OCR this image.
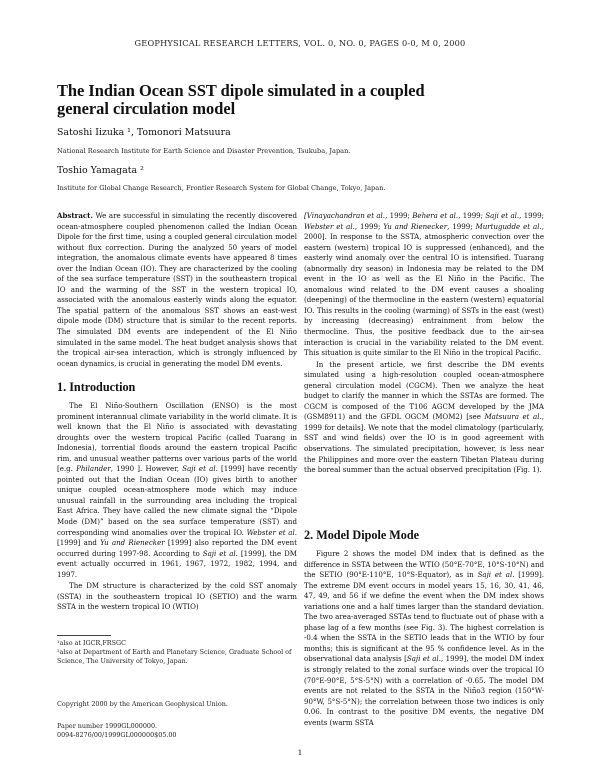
GEOPHYSICAL RESEARCH LETTERS, VOL. 0, NO. 0, PAGES 0-0, M 0, 2000
The Indian Ocean SST dipole simulated in a coupled general circulation model
Satoshi Iizuka ¹, Tomonori Matsuura
National Research Institute for Earth Science and Disaster Prevention, Tsukuba, Japan.
Toshio Yamagata ²
Institute for Global Change Research, Frontier Research System for Global Change, Tokyo, Japan.

Abstract. We are successful in simulating the recently discovered ocean-atmosphere coupled phenomenon called the Indian Ocean Dipole for the first time, using a coupled general circulation model without flux correction. During the analyzed 50 years of model integration, the anomalous climate events have appeared 8 times over the Indian Ocean (IO). They are characterized by the cooling of the sea surface temperature (SST) in the southeastern tropical IO and the warming of the SST in the western tropical IO, associated with the anomalous easterly winds along the equator. The spatial pattern of the anomalous SST shows an east-west dipole mode (DM) structure that is similar to the recent reports. The simulated DM events are independent of the El Niño simulated in the same model. The heat budget analysis shows that the tropical air-sea interaction, which is strongly influenced by ocean dynamics, is crucial in generating the model DM events.

1. Introduction

The El Niño-Southern Oscillation (ENSO) is the most prominent interannual climate variability in the world climate. It is well known that the El Niño is associated with devastating droughts over the western tropical Pacific (called Tuarang in Indonesia), torrential floods around the eastern tropical Pacific rim, and unusual weather patterns over various parts of the world [e.g. Philander, 1990 ]. However, Saji et al. [1999] have recently pointed out that the Indian Ocean (IO) gives birth to another unique coupled ocean-atmosphere mode which may induce unusual rainfall in the surrounding area including the tropical East Africa. They have called the new climate signal the “Dipole Mode (DM)” based on the sea surface temperature (SST) and corresponding wind anomalies over the tropical IO. Webster et al. [1999] and Yu and Rienecker [1999] also reported the DM event occurred during 1997-98. According to Saji et al. [1999], the DM event actually occurred in 1961, 1967, 1972, 1982, 1994, and 1997.

The DM structure is characterized by the cold SST anomaly (SSTA) in the southeastern tropical IO (SETIO) and the warm SSTA in the western tropical IO (WTIO)

¹also at IGCR,FRSGC
²also at Department of Earth and Planetary Science, Graduate School of Science, The University of Tokyo, Japan.
Copyright 2000 by the American Geophysical Union.
Paper number 1999GL000000.
0094-8276/00/1999GL000000$05.00

[Vinayachandran et al., 1999; Behera et al., 1999; Saji et al., 1999; Webster et al., 1999; Yu and Rienecker, 1999; Murtugudde et al., 2000]. In response to the SSTA, atmospheric convection over the eastern (western) tropical IO is suppressed (enhanced), and the easterly wind anomaly over the central IO is intensified. Tuarang (abnormally dry season) in Indonesia may be related to the DM event in the IO as well as the El Niño in the Pacific. The anomalous wind related to the DM event causes a shoaling (deepening) of the thermocline in the eastern (western) equatorial IO. This results in the cooling (warming) of SSTs in the east (west) by increasing (decreasing) entrainment from below the thermocline. Thus, the positive feedback due to the air-sea interaction is crucial in the variability related to the DM event. This situation is quite similar to the El Niño in the tropical Pacific.

In the present article, we first describe the DM events simulated using a high-resolution coupled ocean-atmosphere general circulation model (CGCM). Then we analyze the heat budget to clarify the manner in which the SSTAs are formed. The CGCM is composed of the T106 AGCM developed by the JMA (GSM8911) and the GFDL OGCM (MOM2) [see Matsuura et al., 1999 for details]. We note that the model climatology (particularly, SST and wind fields) over the IO is in good agreement with observations. The simulated precipitation, however, is less near the Philippines and more over the eastern Tibetan Plateau during the boreal summer than the actual observed precipitation (Fig. 1).

2. Model Dipole Mode

Figure 2 shows the model DM index that is defined as the difference in SSTA between the WTIO (50°E-70°E, 10°S-10°N) and the SETIO (90°E-110°E, 10°S-Equator), as in Saji et al. [1999]. The extreme DM event occurs in model years 15, 16, 30, 41, 46, 47, 49, and 56 if we define the event when the DM index shows variations one and a half times larger than the standard deviation. The two area-averaged SSTAs tend to fluctuate out of phase with a phase lag of a few months (see Fig. 3). The highest correlation is -0.4 when the SSTA in the SETIO leads that in the WTIO by four months; this is significant at the 95 % confidence level. As in the observational data analysis [Saji et al., 1999], the model DM index is strongly related to the zonal surface winds over the tropical IO (70°E-90°E, 5°S-5°N) with a correlation of -0.65. The model DM events are not related to the SSTA in the Niño3 region (150°W-90°W, 5°S-5°N); the correlation between those two indices is only 0.06. In contrast to the positive DM events, the negative DM events (warm SSTA

1
